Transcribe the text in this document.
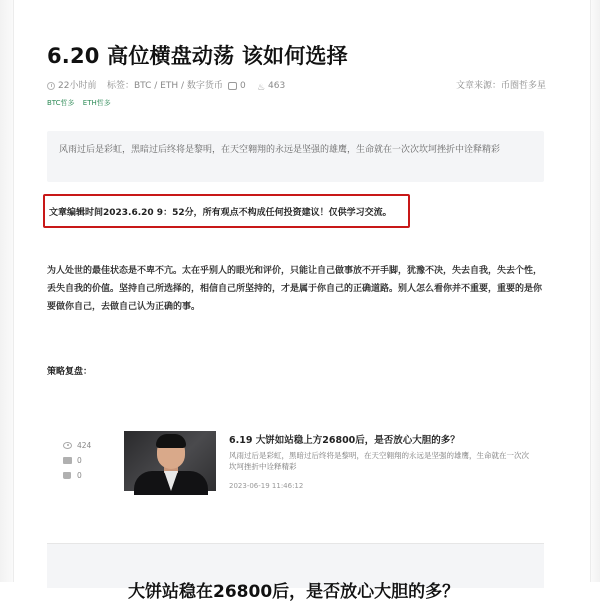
6.20 高位横盘动荡 该如何选择
22小时前 标签：BTC / ETH / 数字货币 0 ♨ 463	文章来源：币圈哲多星
BTC哲多 ETH哲多
风雨过后是彩虹，黑暗过后终将是黎明，在天空翱翔的永远是坚强的雄鹰，生命就在一次次坎坷挫折中诠释精彩
文章编辑时间2023.6.20 9：52分，所有观点不构成任何投资建议！仅供学习交流。

为人处世的最佳状态是不卑不亢。太在乎别人的眼光和评价，只能让自己做事放不开手脚，犹豫不决，失去自我，失去个性，丢失自我的价值。坚持自己所选择的，相信自己所坚持的，才是属于你自己的正确道路。别人怎么看你并不重要，重要的是你要做你自己，去做自己认为正确的事。

策略复盘：
424
0
0
6.19 大饼如站稳上方26800后，是否放心大胆的多？

风雨过后是彩虹，黑暗过后终将是黎明，在天空翱翔的永远是坚强的雄鹰，生命就在一次次坎坷挫折中诠释精彩

2023-06-19 11:46:12
大饼站稳在26800后，是否放心大胆的多？
